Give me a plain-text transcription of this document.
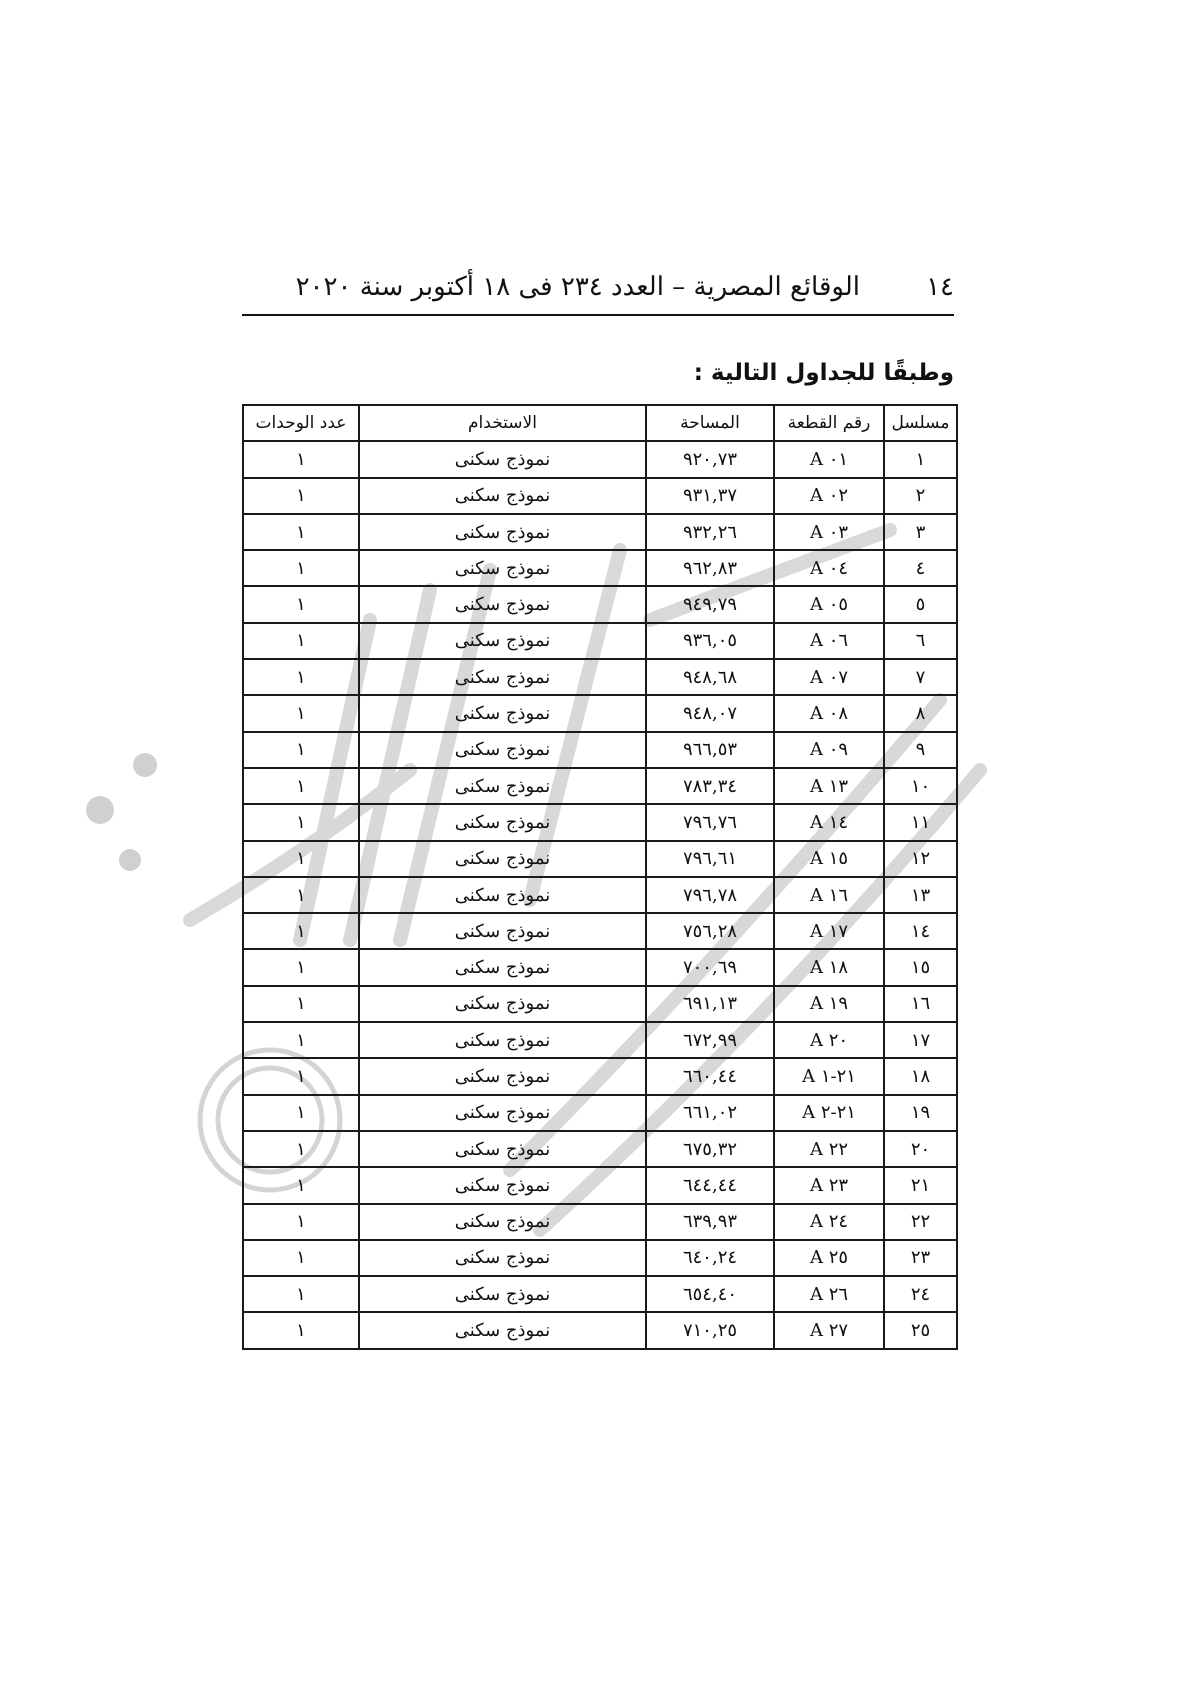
١٤
الوقائع المصرية – العدد ٢٣٤ فى ١٨ أكتوبر سنة ٢٠٢٠
وطبقًا للجداول التالية :
مسلسل	رقم القطعة	المساحة	الاستخدام	عدد الوحدات
١	A ٠١	٩٢٠,٧٣	نموذج سكنى	١
٢	A ٠٢	٩٣١,٣٧	نموذج سكنى	١
٣	A ٠٣	٩٣٢,٢٦	نموذج سكنى	١
٤	A ٠٤	٩٦٢,٨٣	نموذج سكنى	١
٥	A ٠٥	٩٤٩,٧٩	نموذج سكنى	١
٦	A ٠٦	٩٣٦,٠٥	نموذج سكنى	١
٧	A ٠٧	٩٤٨,٦٨	نموذج سكنى	١
٨	A ٠٨	٩٤٨,٠٧	نموذج سكنى	١
٩	A ٠٩	٩٦٦,٥٣	نموذج سكنى	١
١٠	A ١٣	٧٨٣,٣٤	نموذج سكنى	١
١١	A ١٤	٧٩٦,٧٦	نموذج سكنى	١
١٢	A ١٥	٧٩٦,٦١	نموذج سكنى	١
١٣	A ١٦	٧٩٦,٧٨	نموذج سكنى	١
١٤	A ١٧	٧٥٦,٢٨	نموذج سكنى	١
١٥	A ١٨	٧٠٠,٦٩	نموذج سكنى	١
١٦	A ١٩	٦٩١,١٣	نموذج سكنى	١
١٧	A ٢٠	٦٧٢,٩٩	نموذج سكنى	١
١٨	A ٢١-١	٦٦٠,٤٤	نموذج سكنى	١
١٩	A ٢١-٢	٦٦١,٠٢	نموذج سكنى	١
٢٠	A ٢٢	٦٧٥,٣٢	نموذج سكنى	١
٢١	A ٢٣	٦٤٤,٤٤	نموذج سكنى	١
٢٢	A ٢٤	٦٣٩,٩٣	نموذج سكنى	١
٢٣	A ٢٥	٦٤٠,٢٤	نموذج سكنى	١
٢٤	A ٢٦	٦٥٤,٤٠	نموذج سكنى	١
٢٥	A ٢٧	٧١٠,٢٥	نموذج سكنى	١
